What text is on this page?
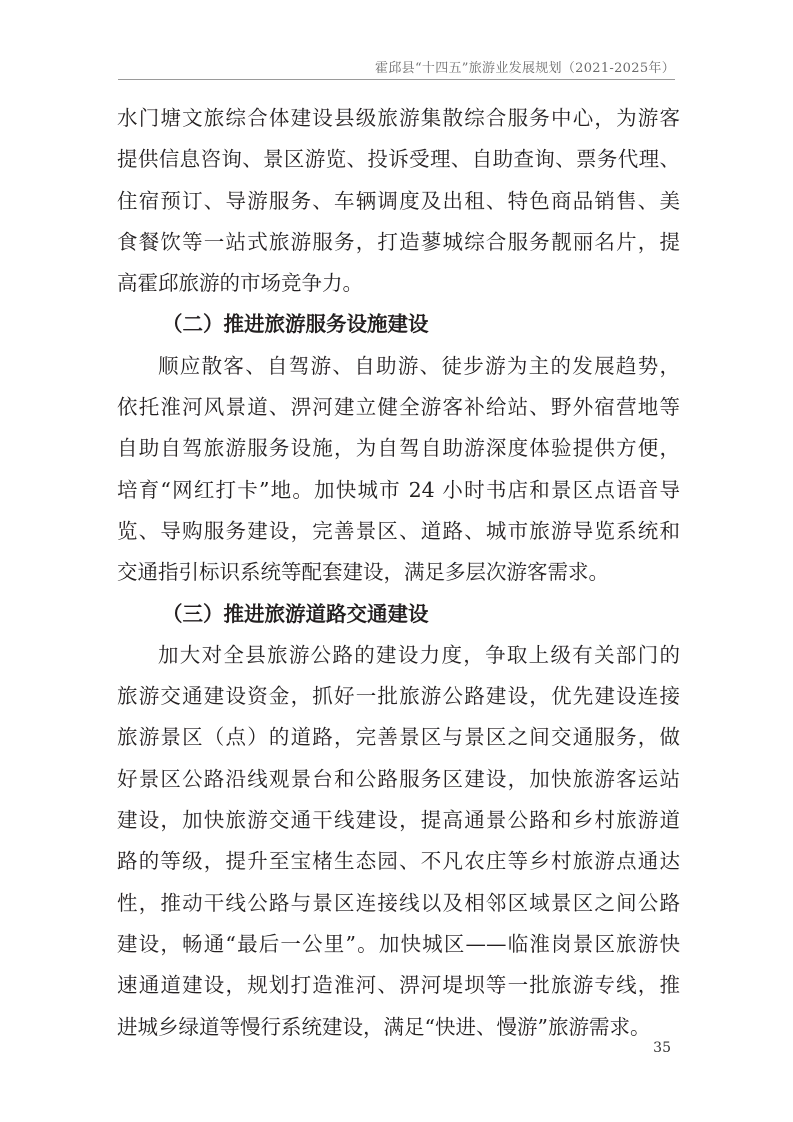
霍邱县“十四五”旅游业发展规划（2021-2025年）
水门塘文旅综合体建设县级旅游集散综合服务中心，为游客
提供信息咨询、景区游览、投诉受理、自助查询、票务代理、
住宿预订、导游服务、车辆调度及出租、特色商品销售、美
食餐饮等一站式旅游服务，打造蓼城综合服务靓丽名片，提
高霍邱旅游的市场竞争力。
（二）推进旅游服务设施建设
顺应散客、自驾游、自助游、徒步游为主的发展趋势，
依托淮河风景道、淠河建立健全游客补给站、野外宿营地等
自助自驾旅游服务设施，为自驾自助游深度体验提供方便，
培育“网红打卡”地。加快城市 24 小时书店和景区点语音导
览、导购服务建设，完善景区、道路、城市旅游导览系统和
交通指引标识系统等配套建设，满足多层次游客需求。
（三）推进旅游道路交通建设
加大对全县旅游公路的建设力度，争取上级有关部门的
旅游交通建设资金，抓好一批旅游公路建设，优先建设连接
旅游景区（点）的道路，完善景区与景区之间交通服务，做
好景区公路沿线观景台和公路服务区建设，加快旅游客运站
建设，加快旅游交通干线建设，提高通景公路和乡村旅游道
路的等级，提升至宝楮生态园、不凡农庄等乡村旅游点通达
性，推动干线公路与景区连接线以及相邻区域景区之间公路
建设，畅通“最后一公里”。加快城区——临淮岗景区旅游快
速通道建设，规划打造淮河、淠河堤坝等一批旅游专线，推
进城乡绿道等慢行系统建设，满足“快进、慢游”旅游需求。
35
